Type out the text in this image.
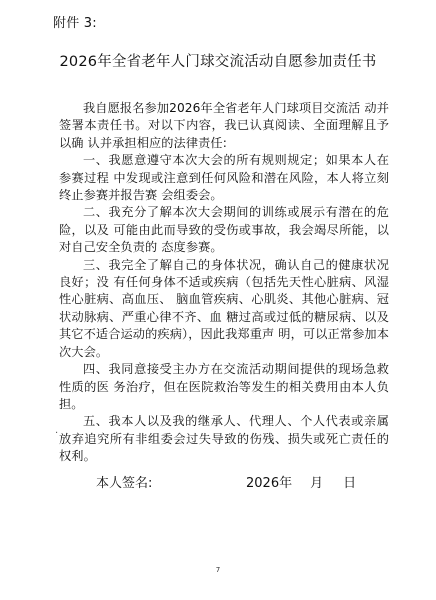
附件 3:
2026年全省老年人门球交流活动自愿参加责任书

我自愿报名参加2026年全省老年人门球项目交流活 动并签署本责任书。对以下内容，我已认真阅读、全面理解且予以确 认并承担相应的法律责任:

一、我愿意遵守本次大会的所有规则规定；如果本人在参赛过程 中发现或注意到任何风险和潜在风险，本人将立刻终止参赛并报告赛 会组委会。

二、我充分了解本次大会期间的训练或展示有潜在的危险，以及 可能由此而导致的受伤或事故，我会竭尽所能，以对自己安全负责的 态度参赛。

三、我完全了解自己的身体状况，确认自己的健康状况良好；没 有任何身体不适或疾病（包括先天性心脏病、风湿性心脏病、高血压、 脑血管疾病、心肌炎、其他心脏病、冠状动脉病、严重心律不齐、血 糖过高或过低的糖尿病、以及其它不适合运动的疾病），因此我郑重声 明，可以正常参加本次大会。

四、我同意接受主办方在交流活动期间提供的现场急救性质的医 务治疗，但在医院救治等发生的相关费用由本人负担。

五、我本人以及我的继承人、代理人、个人代表或亲属放弃追究所有非组委会过失导致的伤残、损失或死亡责任的权利。

.
本人签名:	2026年 月 日
7
